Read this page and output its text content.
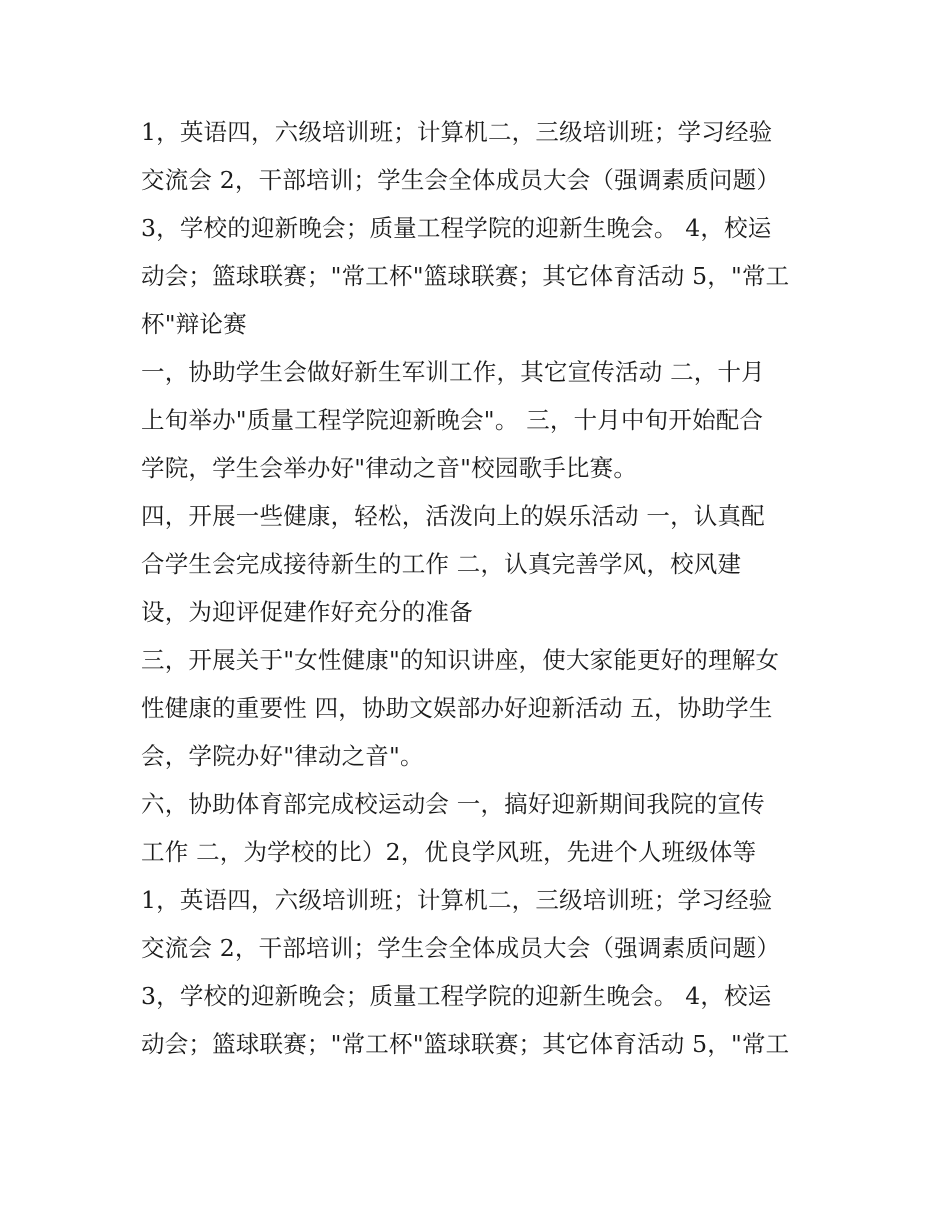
1，英语四，六级培训班；计算机二，三级培训班；学习经验
交流会 2，干部培训；学生会全体成员大会（强调素质问题）
3，学校的迎新晚会；质量工程学院的迎新生晚会。 4，校运
动会；篮球联赛；"常工杯"篮球联赛；其它体育活动 5，"常工
杯"辩论赛
一，协助学生会做好新生军训工作，其它宣传活动 二，十月
上旬举办"质量工程学院迎新晚会"。 三，十月中旬开始配合
学院，学生会举办好"律动之音"校园歌手比赛。
四，开展一些健康，轻松，活泼向上的娱乐活动 一，认真配
合学生会完成接待新生的工作 二，认真完善学风，校风建
设，为迎评促建作好充分的准备
三，开展关于"女性健康"的知识讲座，使大家能更好的理解女
性健康的重要性 四，协助文娱部办好迎新活动 五，协助学生
会，学院办好"律动之音"。
六，协助体育部完成校运动会 一，搞好迎新期间我院的宣传
工作 二，为学校的比）2，优良学风班，先进个人班级体等
1，英语四，六级培训班；计算机二，三级培训班；学习经验
交流会 2，干部培训；学生会全体成员大会（强调素质问题）
3，学校的迎新晚会；质量工程学院的迎新生晚会。 4，校运
动会；篮球联赛；"常工杯"篮球联赛；其它体育活动 5，"常工
